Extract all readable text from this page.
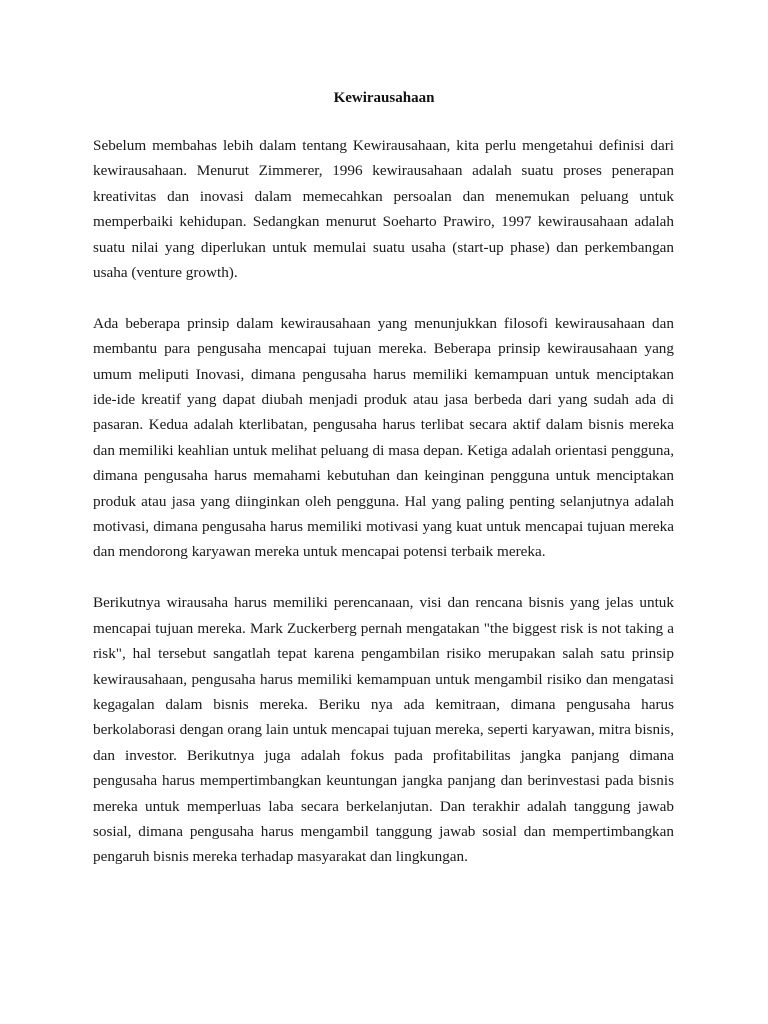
Kewirausahaan

Sebelum membahas lebih dalam tentang Kewirausahaan, kita perlu mengetahui definisi dari kewirausahaan. Menurut Zimmerer, 1996 kewirausahaan adalah suatu proses penerapan kreativitas dan inovasi dalam memecahkan persoalan dan menemukan peluang untuk memperbaiki kehidupan. Sedangkan menurut Soeharto Prawiro, 1997 kewirausahaan adalah suatu nilai yang diperlukan untuk memulai suatu usaha (start-up phase) dan perkembangan usaha (venture growth).

Ada beberapa prinsip dalam kewirausahaan yang menunjukkan filosofi kewirausahaan dan membantu para pengusaha mencapai tujuan mereka. Beberapa prinsip kewirausahaan yang umum meliputi Inovasi, dimana pengusaha harus memiliki kemampuan untuk menciptakan ide-ide kreatif yang dapat diubah menjadi produk atau jasa berbeda dari yang sudah ada di pasaran. Kedua adalah kterlibatan, pengusaha harus terlibat secara aktif dalam bisnis mereka dan memiliki keahlian untuk melihat peluang di masa depan. Ketiga adalah orientasi pengguna, dimana pengusaha harus memahami kebutuhan dan keinginan pengguna untuk menciptakan produk atau jasa yang diinginkan oleh pengguna. Hal yang paling penting selanjutnya adalah motivasi, dimana pengusaha harus memiliki motivasi yang kuat untuk mencapai tujuan mereka dan mendorong karyawan mereka untuk mencapai potensi terbaik mereka.

Berikutnya wirausaha harus memiliki perencanaan, visi dan rencana bisnis yang jelas untuk mencapai tujuan mereka. Mark Zuckerberg pernah mengatakan "the biggest risk is not taking a risk", hal tersebut sangatlah tepat karena pengambilan risiko merupakan salah satu prinsip kewirausahaan, pengusaha harus memiliki kemampuan untuk mengambil risiko dan mengatasi kegagalan dalam bisnis mereka. Beriku nya ada kemitraan, dimana pengusaha harus berkolaborasi dengan orang lain untuk mencapai tujuan mereka, seperti karyawan, mitra bisnis, dan investor. Berikutnya juga adalah fokus pada profitabilitas jangka panjang dimana pengusaha harus mempertimbangkan keuntungan jangka panjang dan berinvestasi pada bisnis mereka untuk memperluas laba secara berkelanjutan. Dan terakhir adalah tanggung jawab sosial, dimana pengusaha harus mengambil tanggung jawab sosial dan mempertimbangkan pengaruh bisnis mereka terhadap masyarakat dan lingkungan.
